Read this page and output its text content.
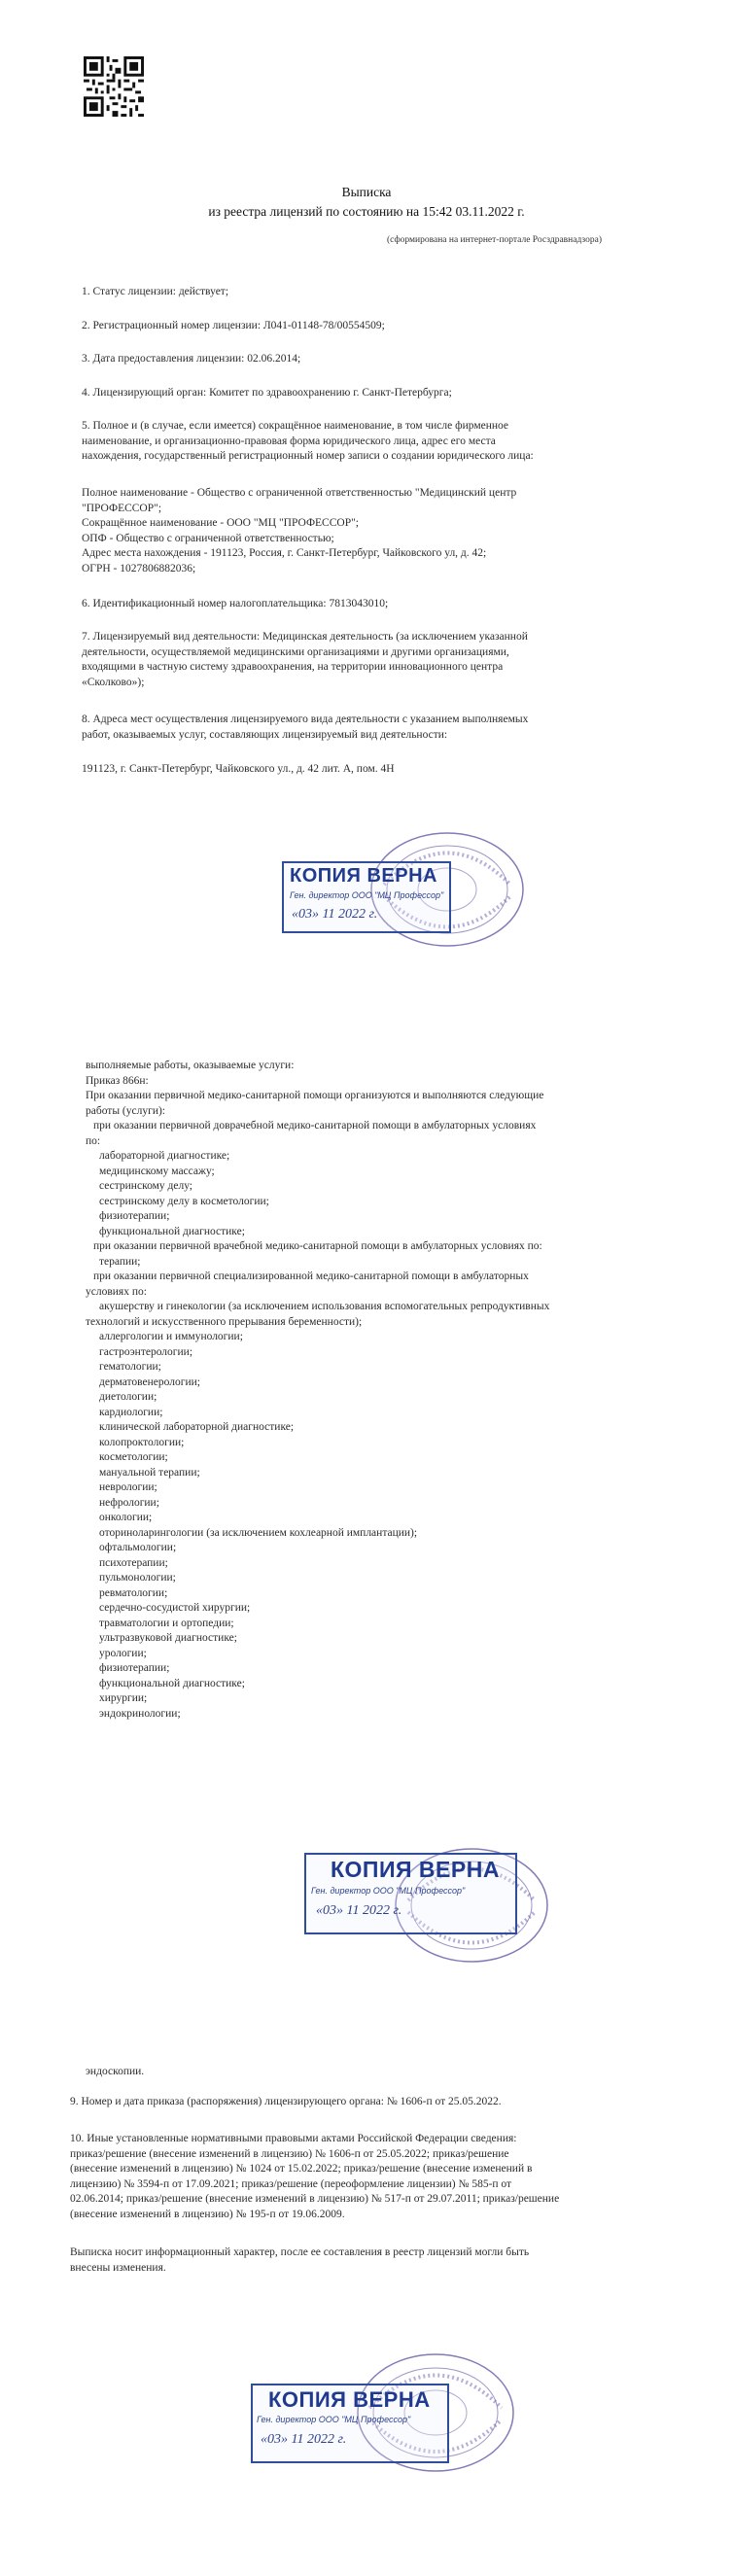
Выписка
из реестра лицензий по состоянию на 15:42 03.11.2022 г.
(сформирована на интернет-портале Росздравнадзора)
1. Статус лицензии: действует;
2. Регистрационный номер лицензии: Л041-01148-78/00554509;
3. Дата предоставления лицензии: 02.06.2014;
4. Лицензирующий орган: Комитет по здравоохранению г. Санкт-Петербурга;
5. Полное и (в случае, если имеется) сокращённое наименование, в том числе фирменное
наименование, и организационно-правовая форма юридического лица, адрес его места
нахождения, государственный регистрационный номер записи о создании юридического лица:
Полное наименование - Общество с ограниченной ответственностью "Медицинский центр
"ПРОФЕССОР";
Сокращённое наименование - ООО "МЦ "ПРОФЕССОР";
ОПФ - Общество с ограниченной ответственностью;
Адрес места нахождения - 191123, Россия, г. Санкт-Петербург, Чайковского ул, д. 42;
ОГРН - 1027806882036;
6. Идентификационный номер налогоплательщика: 7813043010;
7. Лицензируемый вид деятельности: Медицинская деятельность (за исключением указанной
деятельности, осуществляемой медицинскими организациями и другими организациями,
входящими в частную систему здравоохранения, на территории инновационного центра
«Сколково»);
8. Адреса мест осуществления лицензируемого вида деятельности с указанием выполняемых
работ, оказываемых услуг, составляющих лицензируемый вид деятельности:
191123, г. Санкт-Петербург, Чайковского ул., д. 42 лит. А, пом. 4Н
КОПИЯ ВЕРНА
Ген. директор ООО "МЦ Профессор"
«03» 11 2022 г.
выполняемые работы, оказываемые услуги:
Приказ 866н:
При оказании первичной медико-санитарной помощи организуются и выполняются следующие
работы (услуги):
при оказании первичной доврачебной медико-санитарной помощи в амбулаторных условиях
по:
лабораторной диагностике;
медицинскому массажу;
сестринскому делу;
сестринскому делу в косметологии;
физиотерапии;
функциональной диагностике;
при оказании первичной врачебной медико-санитарной помощи в амбулаторных условиях по:
терапии;
при оказании первичной специализированной медико-санитарной помощи в амбулаторных
условиях по:
акушерству и гинекологии (за исключением использования вспомогательных репродуктивных
технологий и искусственного прерывания беременности);
аллергологии и иммунологии;
гастроэнтерологии;
гематологии;
дерматовенерологии;
диетологии;
кардиологии;
клинической лабораторной диагностике;
колопроктологии;
косметологии;
мануальной терапии;
неврологии;
нефрологии;
онкологии;
оториноларингологии (за исключением кохлеарной имплантации);
офтальмологии;
психотерапии;
пульмонологии;
ревматологии;
сердечно-сосудистой хирургии;
травматологии и ортопедии;
ультразвуковой диагностике;
урологии;
физиотерапии;
функциональной диагностике;
хирургии;
эндокринологии;
КОПИЯ ВЕРНА
Ген. директор ООО "МЦ Профессор"
«03» 11 2022 г.
эндоскопии.
9. Номер и дата приказа (распоряжения) лицензирующего органа: № 1606-п от 25.05.2022.
10. Иные установленные нормативными правовыми актами Российской Федерации сведения:
приказ/решение (внесение изменений в лицензию) № 1606-п от 25.05.2022; приказ/решение
(внесение изменений в лицензию) № 1024 от 15.02.2022; приказ/решение (внесение изменений в
лицензию) № 3594-п от 17.09.2021; приказ/решение (переоформление лицензии) № 585-п от
02.06.2014; приказ/решение (внесение изменений в лицензию) № 517-п от 29.07.2011; приказ/решение
(внесение изменений в лицензию) № 195-п от 19.06.2009.
Выписка носит информационный характер, после ее составления в реестр лицензий могли быть
внесены изменения.
КОПИЯ ВЕРНА
Ген. директор ООО "МЦ Профессор"
«03» 11 2022 г.
